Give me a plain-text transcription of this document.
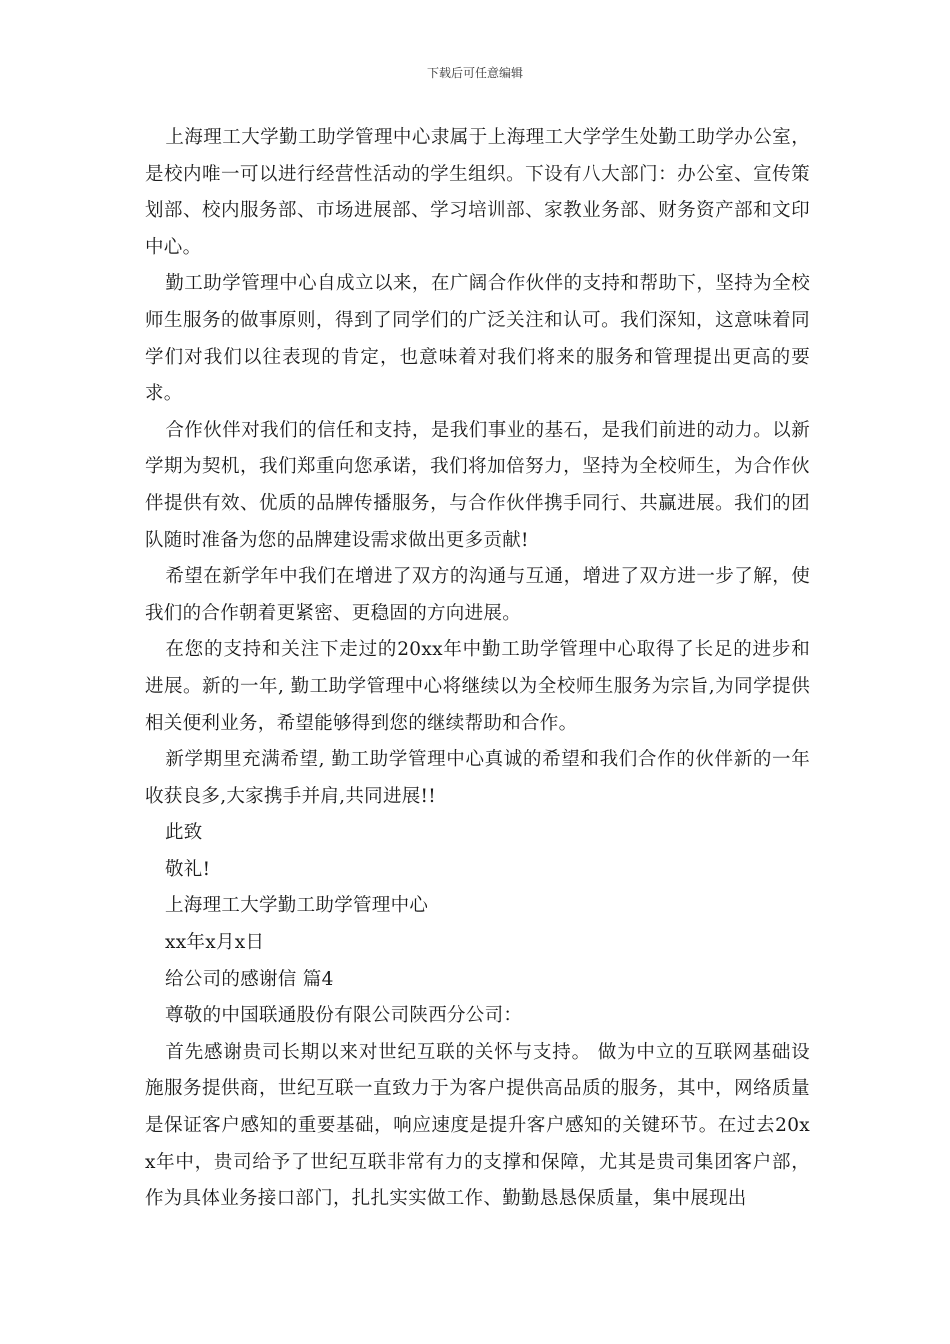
下载后可任意编辑

上海理工大学勤工助学管理中心隶属于上海理工大学学生处勤工助学办公室，是校内唯一可以进行经营性活动的学生组织。下设有八大部门：办公室、宣传策划部、校内服务部、市场进展部、学习培训部、家教业务部、财务资产部和文印中心。

勤工助学管理中心自成立以来，在广阔合作伙伴的支持和帮助下，坚持为全校师生服务的做事原则，得到了同学们的广泛关注和认可。我们深知，这意味着同学们对我们以往表现的肯定，也意味着对我们将来的服务和管理提出更高的要求。

合作伙伴对我们的信任和支持，是我们事业的基石，是我们前进的动力。以新学期为契机，我们郑重向您承诺，我们将加倍努力，坚持为全校师生，为合作伙伴提供有效、优质的品牌传播服务，与合作伙伴携手同行、共赢进展。我们的团队随时准备为您的品牌建设需求做出更多贡献!

希望在新学年中我们在增进了双方的沟通与互通，增进了双方进一步了解，使我们的合作朝着更紧密、更稳固的方向进展。

在您的支持和关注下走过的20xx年中勤工助学管理中心取得了长足的进步和进展。新的一年, 勤工助学管理中心将继续以为全校师生服务为宗旨,为同学提供相关便利业务，希望能够得到您的继续帮助和合作。

新学期里充满希望, 勤工助学管理中心真诚的希望和我们合作的伙伴新的一年收获良多,大家携手并肩,共同进展!!

此致

敬礼!

上海理工大学勤工助学管理中心

xx年x月x日

给公司的感谢信 篇4

尊敬的中国联通股份有限公司陕西分公司：

首先感谢贵司长期以来对世纪互联的关怀与支持。 做为中立的互联网基础设施服务提供商，世纪互联一直致力于为客户提供高品质的服务，其中，网络质量是保证客户感知的重要基础，响应速度是提升客户感知的关键环节。在过去20xx年中，贵司给予了世纪互联非常有力的支撑和保障，尤其是贵司集团客户部，作为具体业务接口部门，扎扎实实做工作、勤勤恳恳保质量，集中展现出
